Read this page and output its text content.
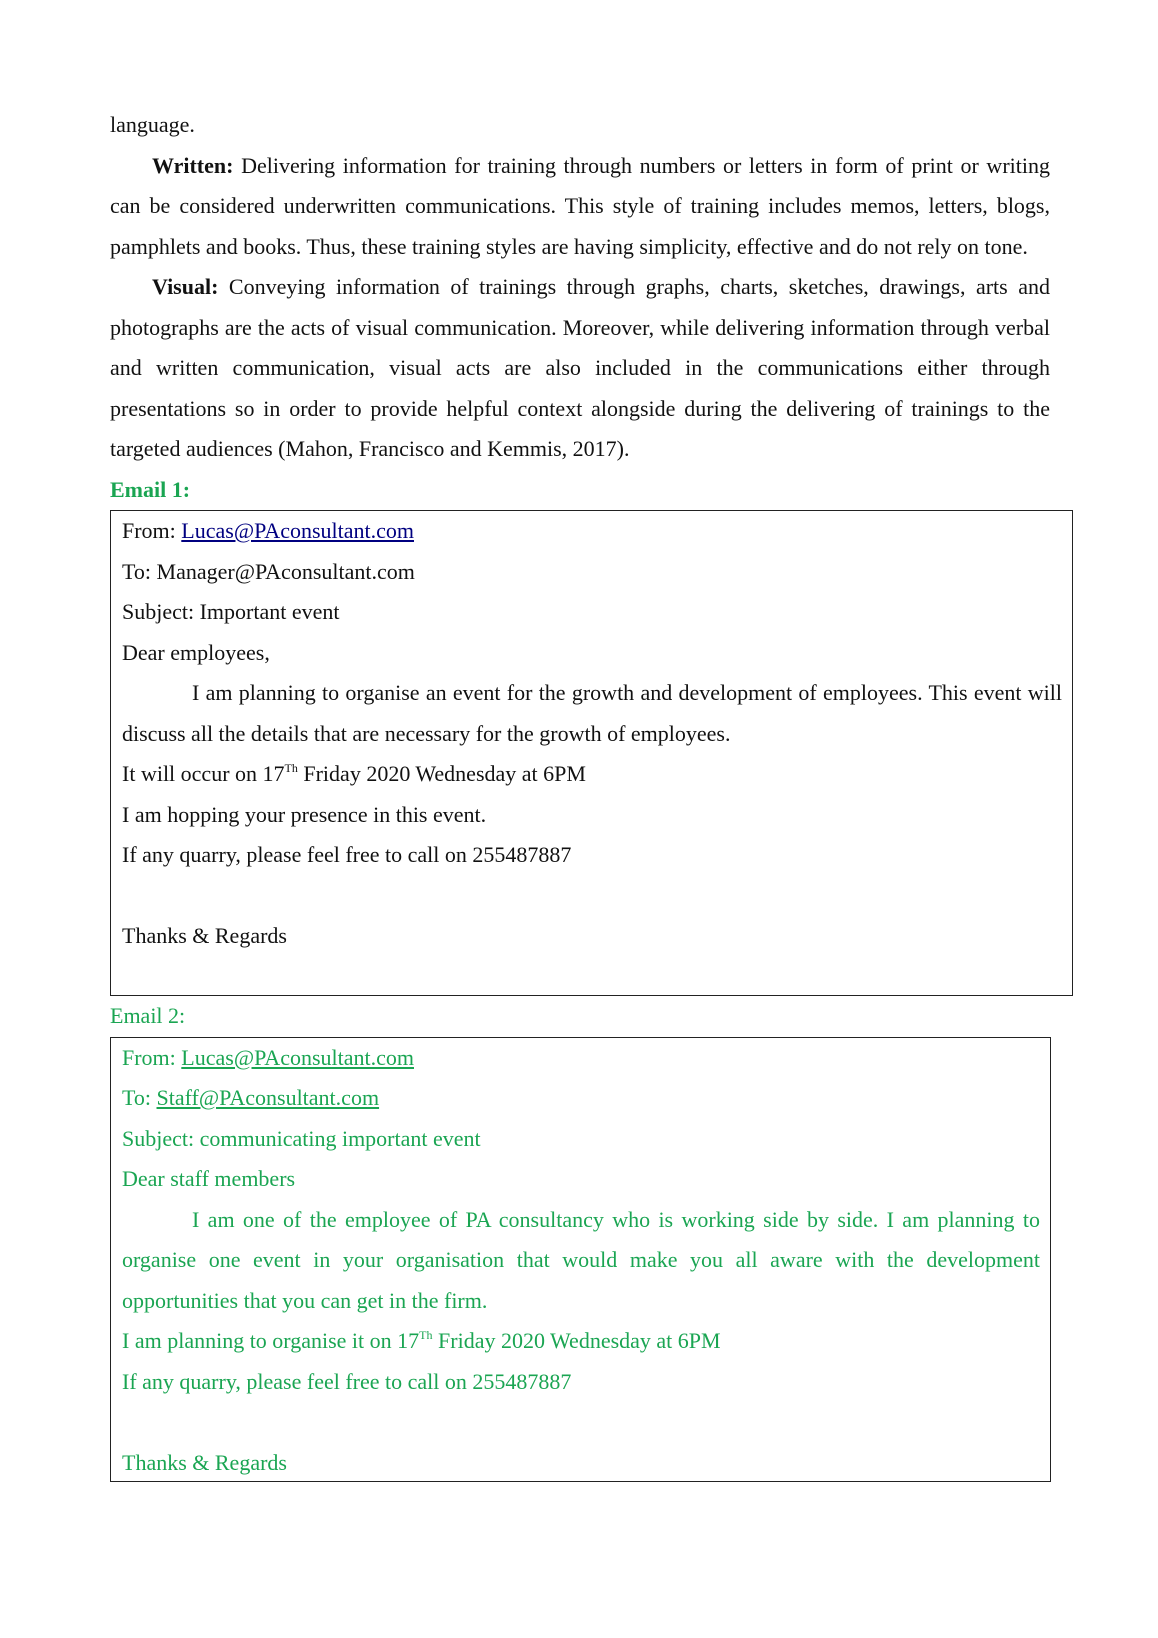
language.

Written: Delivering information for training through numbers or letters in form of print or writing can be considered underwritten communications. This style of training includes memos, letters, blogs, pamphlets and books. Thus, these training styles are having simplicity, effective and do not rely on tone.

Visual: Conveying information of trainings through graphs, charts, sketches, drawings, arts and photographs are the acts of visual communication. Moreover, while delivering information through verbal and written communication, visual acts are also included in the communications either through presentations so in order to provide helpful context alongside during the delivering of trainings to the targeted audiences (Mahon, Francisco and Kemmis, 2017).

Email 1:

From: Lucas@PAconsultant.com

To: Manager@PAconsultant.com

Subject: Important event

Dear employees,

I am planning to organise an event for the growth and development of employees. This event will discuss all the details that are necessary for the growth of employees.

It will occur on 17Th Friday 2020 Wednesday at 6PM

I am hopping your presence in this event.

If any quarry, please feel free to call on 255487887

Thanks & Regards

Email 2:

From: Lucas@PAconsultant.com

To: Staff@PAconsultant.com

Subject: communicating important event

Dear staff members

I am one of the employee of PA consultancy who is working side by side. I am planning to organise one event in your organisation that would make you all aware with the development opportunities that you can get in the firm.

I am planning to organise it on 17Th Friday 2020 Wednesday at 6PM

If any quarry, please feel free to call on 255487887

Thanks & Regards
